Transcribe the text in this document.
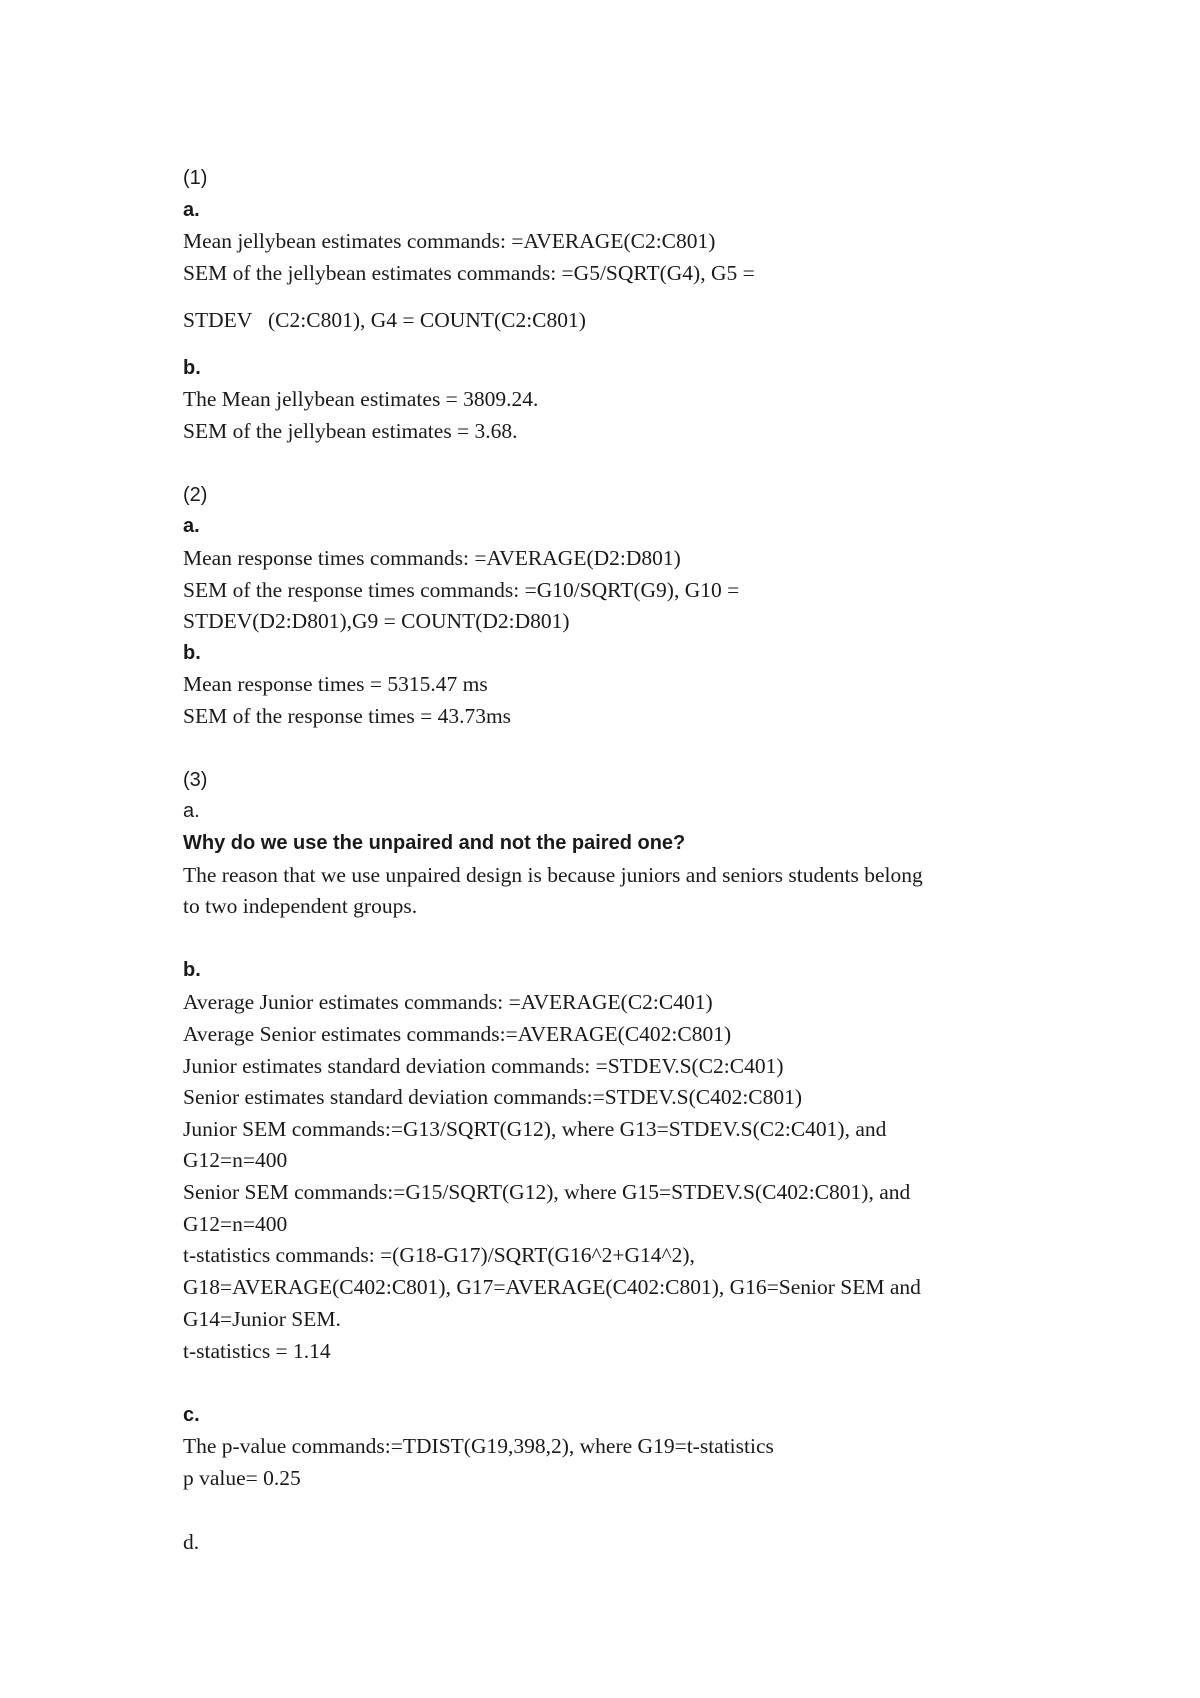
(1)
a.
Mean jellybean estimates commands: =AVERAGE(C2:C801)
SEM of the jellybean estimates commands: =G5/SQRT(G4), G5 =
STDEV   (C2:C801), G4 = COUNT(C2:C801)
b.
The Mean jellybean estimates = 3809.24.
SEM of the jellybean estimates = 3.68.
(2)
a.
Mean response times commands: =AVERAGE(D2:D801)
SEM of the response times commands: =G10/SQRT(G9), G10 =
STDEV(D2:D801),G9 = COUNT(D2:D801)
b.
Mean response times = 5315.47 ms
SEM of the response times = 43.73ms
(3)
a.
Why do we use the unpaired and not the paired one?
The reason that we use unpaired design is because juniors and seniors students belong
to two independent groups.
b.
Average Junior estimates commands: =AVERAGE(C2:C401)
Average Senior estimates commands:=AVERAGE(C402:C801)
Junior estimates standard deviation commands: =STDEV.S(C2:C401)
Senior estimates standard deviation commands:=STDEV.S(C402:C801)
Junior SEM commands:=G13/SQRT(G12), where G13=STDEV.S(C2:C401), and
G12=n=400
Senior SEM commands:=G15/SQRT(G12), where G15=STDEV.S(C402:C801), and
G12=n=400
t-statistics commands: =(G18-G17)/SQRT(G16^2+G14^2),
G18=AVERAGE(C402:C801), G17=AVERAGE(C402:C801), G16=Senior SEM and
G14=Junior SEM.
t-statistics = 1.14
c.
The p-value commands:=TDIST(G19,398,2), where G19=t-statistics
p value= 0.25
d.
